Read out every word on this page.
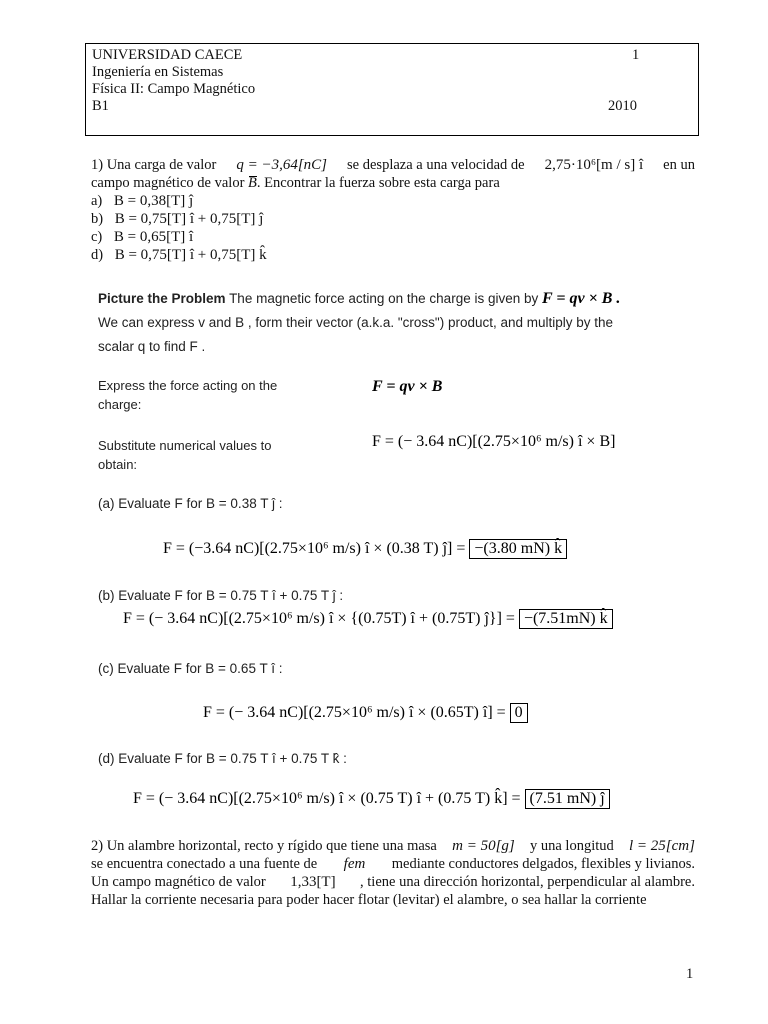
UNIVERSIDAD CAECE
Ingeniería en Sistemas
Física II: Campo Magnético
B1
1
2010
1) Una carga de valor q = −3,64[nC] se desplaza a una velocidad de 2,75·10⁶[m / s] î en un
campo magnético de valor B. Encontrar la fuerza sobre esta carga para
a) B = 0,38[T] ĵ
b) B = 0,75[T] î + 0,75[T] ĵ
c) B = 0,65[T] î
d) B = 0,75[T] î + 0,75[T] k̂
Picture the Problem The magnetic force acting on the charge is given by F = qv × B .
We can express v and B , form their vector (a.k.a. "cross") product, and multiply by the
scalar q to find F .
Express the force acting on the
charge:
F = qv × B
Substitute numerical values to
obtain:
F = (− 3.64 nC)[(2.75×10⁶ m/s) î × B]
(a) Evaluate F for B = 0.38 T ĵ :
F = (−3.64 nC)[(2.75×10⁶ m/s) î × (0.38 T) ĵ] = −(3.80 mN) k̂
(b) Evaluate F for B = 0.75 T î + 0.75 T ĵ :
F = (− 3.64 nC)[(2.75×10⁶ m/s) î × {(0.75T) î + (0.75T) ĵ}] = −(7.51mN) k̂
(c) Evaluate F for B = 0.65 T î :
F = (− 3.64 nC)[(2.75×10⁶ m/s) î × (0.65T) î] = 0
(d) Evaluate F for B = 0.75 T î + 0.75 T k̂ :
F = (− 3.64 nC)[(2.75×10⁶ m/s) î × (0.75 T) î + (0.75 T) k̂] = (7.51 mN) ĵ
2) Un alambre horizontal, recto y rígido que tiene una masa m = 50[g] y una longitud l = 25[cm]
se encuentra conectado a una fuente de fem mediante conductores delgados, flexibles y livianos.
Un campo magnético de valor 1,33[T] , tiene una dirección horizontal, perpendicular al alambre.
Hallar la corriente necesaria para poder hacer flotar (levitar) el alambre, o sea hallar la corriente
1
